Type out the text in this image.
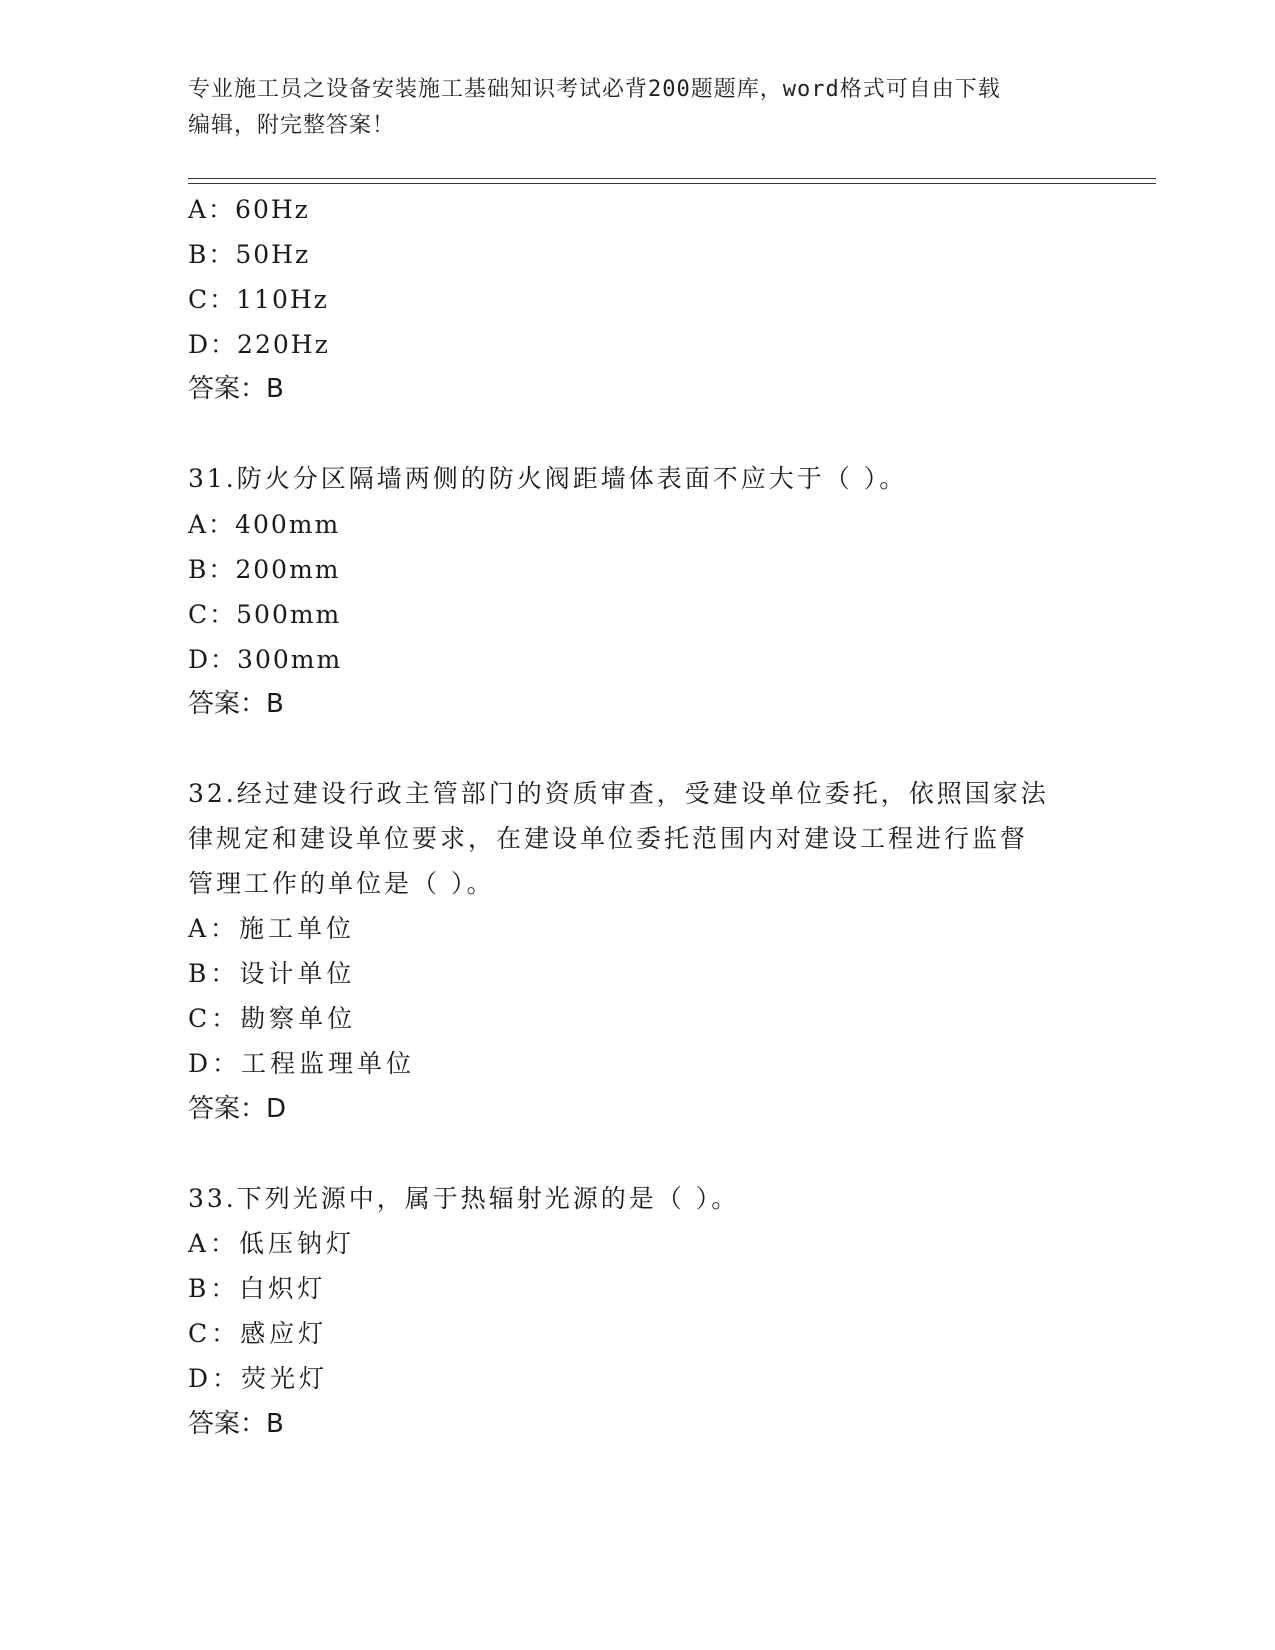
专业施工员之设备安装施工基础知识考试必背200题题库，word格式可自由下载
编辑，附完整答案！
A：60Hz
B：50Hz
C：110Hz
D：220Hz
答案：B
31.防火分区隔墙两侧的防火阀距墙体表面不应大于（ ）。
A：400mm
B：200mm
C：500mm
D：300mm
答案：B
32.经过建设行政主管部门的资质审查，受建设单位委托，依照国家法
律规定和建设单位要求，在建设单位委托范围内对建设工程进行监督
管理工作的单位是（ ）。
A：施工单位
B：设计单位
C：勘察单位
D：工程监理单位
答案：D
33.下列光源中，属于热辐射光源的是（ ）。
A：低压钠灯
B：白炽灯
C：感应灯
D：荧光灯
答案：B
